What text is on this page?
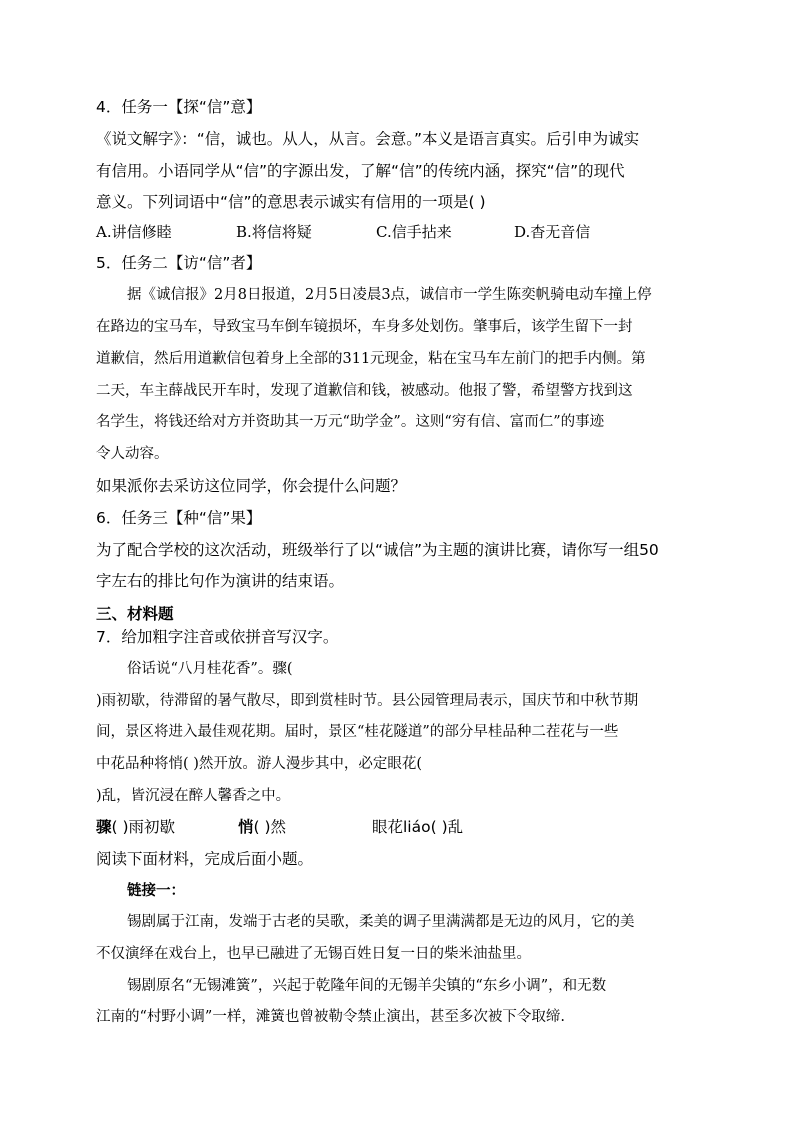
4．任务一【探“信”意】
《说文解字》：“信，诚也。从人，从言。会意。”本义是语言真实。后引申为诚实
有信用。小语同学从“信”的字源出发，了解“信”的传统内涵，探究“信”的现代
意义。下列词语中“信”的意思表示诚实有信用的一项是( )
A.讲信修睦	B.将信将疑	C.信手拈来	D.杳无音信
5．任务二【访“信”者】
据《诚信报》2月8日报道，2月5日凌晨3点，诚信市一学生陈奕帆骑电动车撞上停
在路边的宝马车，导致宝马车倒车镜损坏，车身多处划伤。肇事后，该学生留下一封
道歉信，然后用道歉信包着身上全部的311元现金，粘在宝马车左前门的把手内侧。第
二天，车主薛战民开车时，发现了道歉信和钱，被感动。他报了警，希望警方找到这
名学生，将钱还给对方并资助其一万元“助学金”。这则“穷有信、富而仁”的事迹
令人动容。
如果派你去采访这位同学，你会提什么问题？
6．任务三【种“信”果】
为了配合学校的这次活动，班级举行了以“诚信”为主题的演讲比赛，请你写一组50
字左右的排比句作为演讲的结束语。
三、材料题
7．给加粗字注音或依拼音写汉字。
俗话说“八月桂花香”。骤(
)雨初歇，待滞留的暑气散尽，即到赏桂时节。县公园管理局表示，国庆节和中秋节期
间，景区将进入最佳观花期。届时，景区“桂花隧道”的部分早桂品种二茬花与一些
中花品种将悄( )然开放。游人漫步其中，必定眼花(
)乱，皆沉浸在醉人馨香之中。
骤( )雨初歇	悄( )然	眼花liáo( )乱
阅读下面材料，完成后面小题。
链接一：
锡剧属于江南，发端于古老的吴歌，柔美的调子里满满都是无边的风月，它的美
不仅演绎在戏台上，也早已融进了无锡百姓日复一日的柴米油盐里。
锡剧原名“无锡滩簧”，兴起于乾隆年间的无锡羊尖镇的“东乡小调”，和无数
江南的“村野小调”一样，滩簧也曾被勒令禁止演出，甚至多次被下令取缔.
